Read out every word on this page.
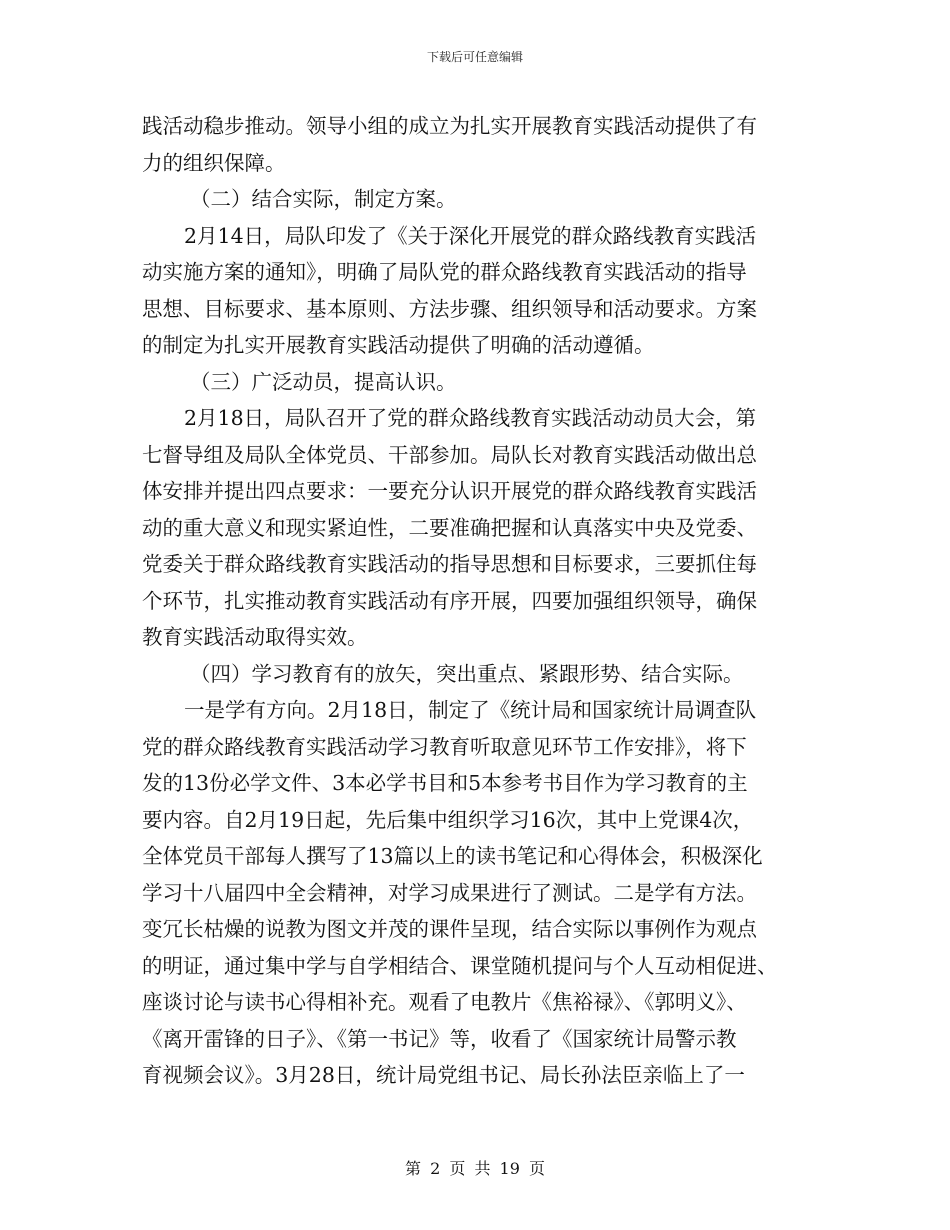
下载后可任意编辑
践活动稳步推动。领导小组的成立为扎实开展教育实践活动提供了有
力的组织保障。
（二）结合实际，制定方案。
2月14日，局队印发了《关于深化开展党的群众路线教育实践活
动实施方案的通知》，明确了局队党的群众路线教育实践活动的指导
思想、目标要求、基本原则、方法步骤、组织领导和活动要求。方案
的制定为扎实开展教育实践活动提供了明确的活动遵循。
（三）广泛动员，提高认识。
2月18日，局队召开了党的群众路线教育实践活动动员大会，第
七督导组及局队全体党员、干部参加。局队长对教育实践活动做出总
体安排并提出四点要求：一要充分认识开展党的群众路线教育实践活
动的重大意义和现实紧迫性，二要准确把握和认真落实中央及党委、
党委关于群众路线教育实践活动的指导思想和目标要求，三要抓住每
个环节，扎实推动教育实践活动有序开展，四要加强组织领导，确保
教育实践活动取得实效。
（四）学习教育有的放矢，突出重点、紧跟形势、结合实际。
一是学有方向。2月18日，制定了《统计局和国家统计局调查队
党的群众路线教育实践活动学习教育听取意见环节工作安排》，将下
发的13份必学文件、3本必学书目和5本参考书目作为学习教育的主
要内容。自2月19日起，先后集中组织学习16次，其中上党课4次，
全体党员干部每人撰写了13篇以上的读书笔记和心得体会，积极深化
学习十八届四中全会精神，对学习成果进行了测试。二是学有方法。
变冗长枯燥的说教为图文并茂的课件呈现，结合实际以事例作为观点
的明证，通过集中学与自学相结合、课堂随机提问与个人互动相促进、
座谈讨论与读书心得相补充。观看了电教片《焦裕禄》、《郭明义》、
《离开雷锋的日子》、《第一书记》等，收看了《国家统计局警示教
育视频会议》。3月28日，统计局党组书记、局长孙法臣亲临上了一
第 2 页 共 19 页
